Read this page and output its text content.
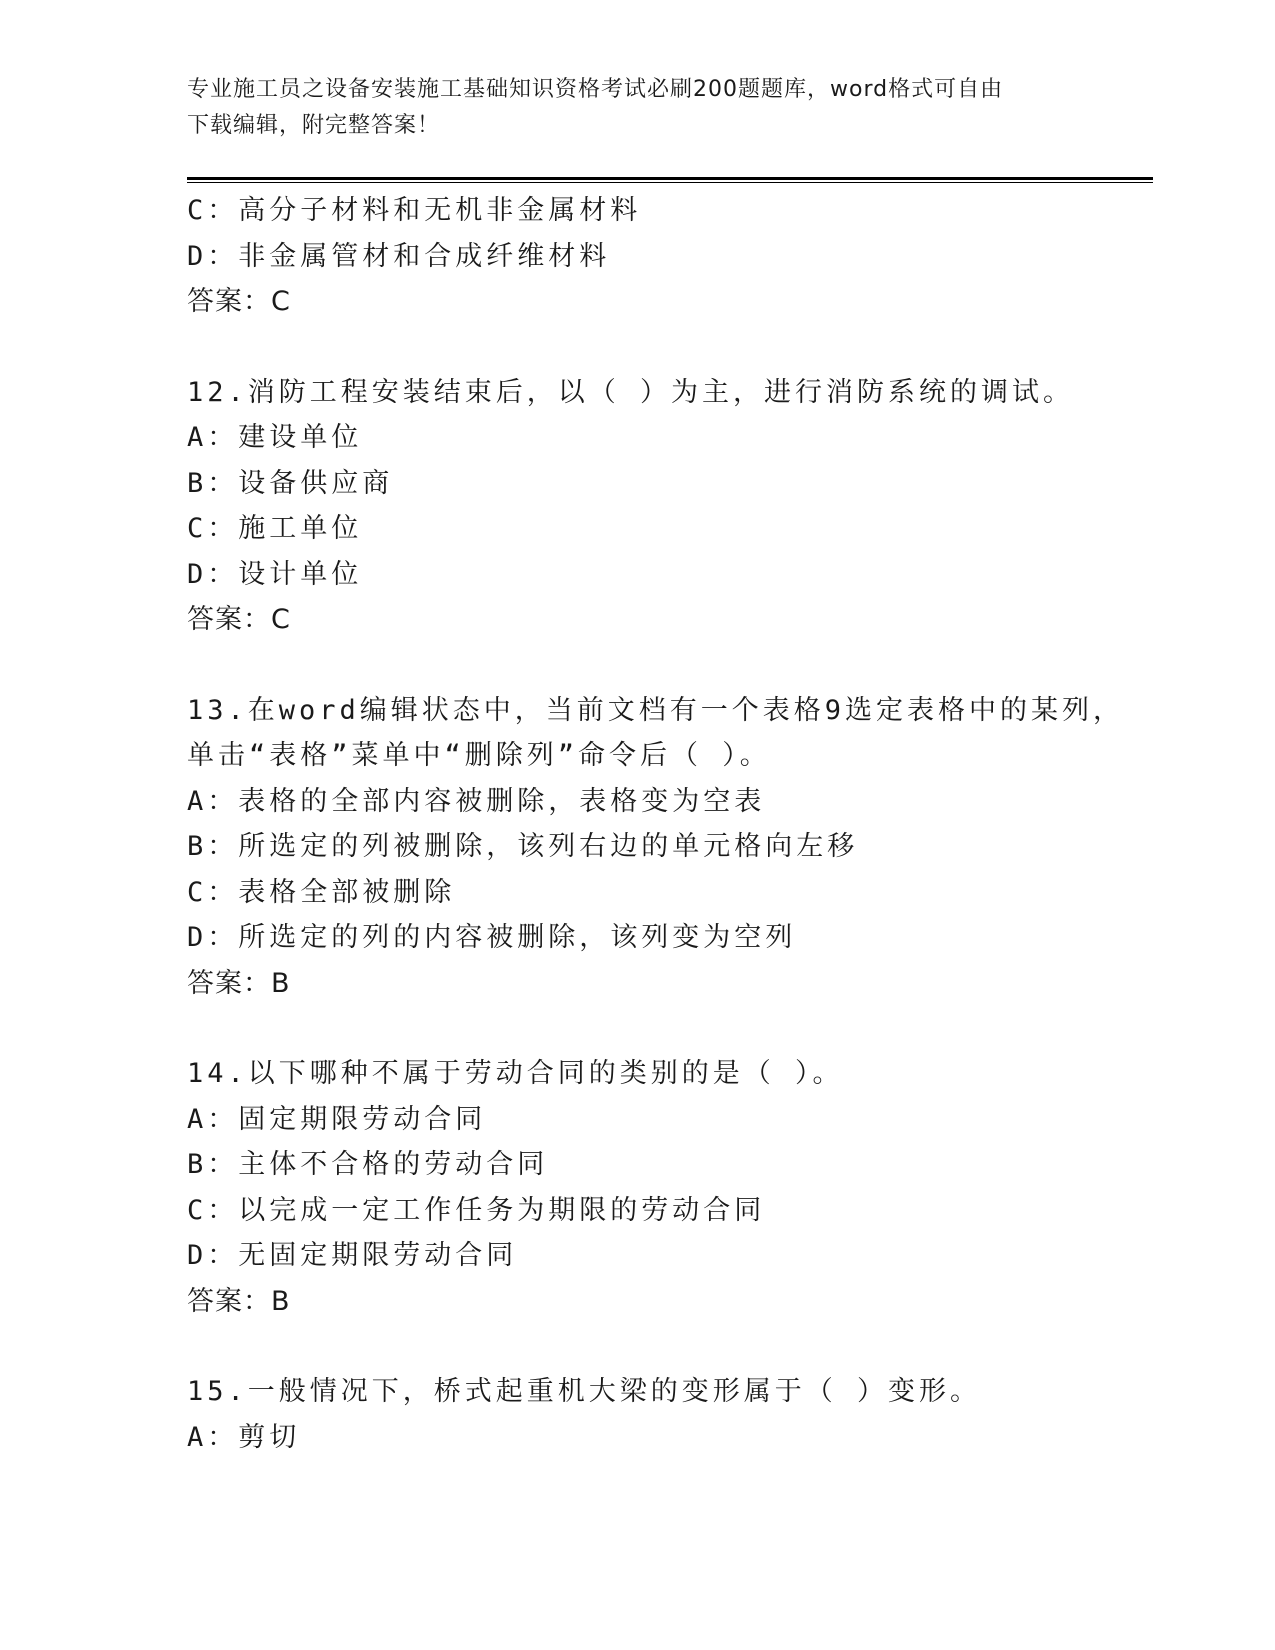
专业施工员之设备安装施工基础知识资格考试必刷200题题库，word格式可自由
下载编辑，附完整答案！
C：高分子材料和无机非金属材料
D：非金属管材和合成纤维材料
答案：C
12.消防工程安装结束后，以（ ）为主，进行消防系统的调试。
A：建设单位
B：设备供应商
C：施工单位
D：设计单位
答案：C
13.在word编辑状态中，当前文档有一个表格9选定表格中的某列，
单击“表格”菜单中“删除列”命令后（ ）。
A：表格的全部内容被删除，表格变为空表
B：所选定的列被删除，该列右边的单元格向左移
C：表格全部被删除
D：所选定的列的内容被删除，该列变为空列
答案：B
14.以下哪种不属于劳动合同的类别的是（ ）。
A：固定期限劳动合同
B：主体不合格的劳动合同
C：以完成一定工作任务为期限的劳动合同
D：无固定期限劳动合同
答案：B
15.一般情况下，桥式起重机大梁的变形属于（ ）变形。
A：剪切
